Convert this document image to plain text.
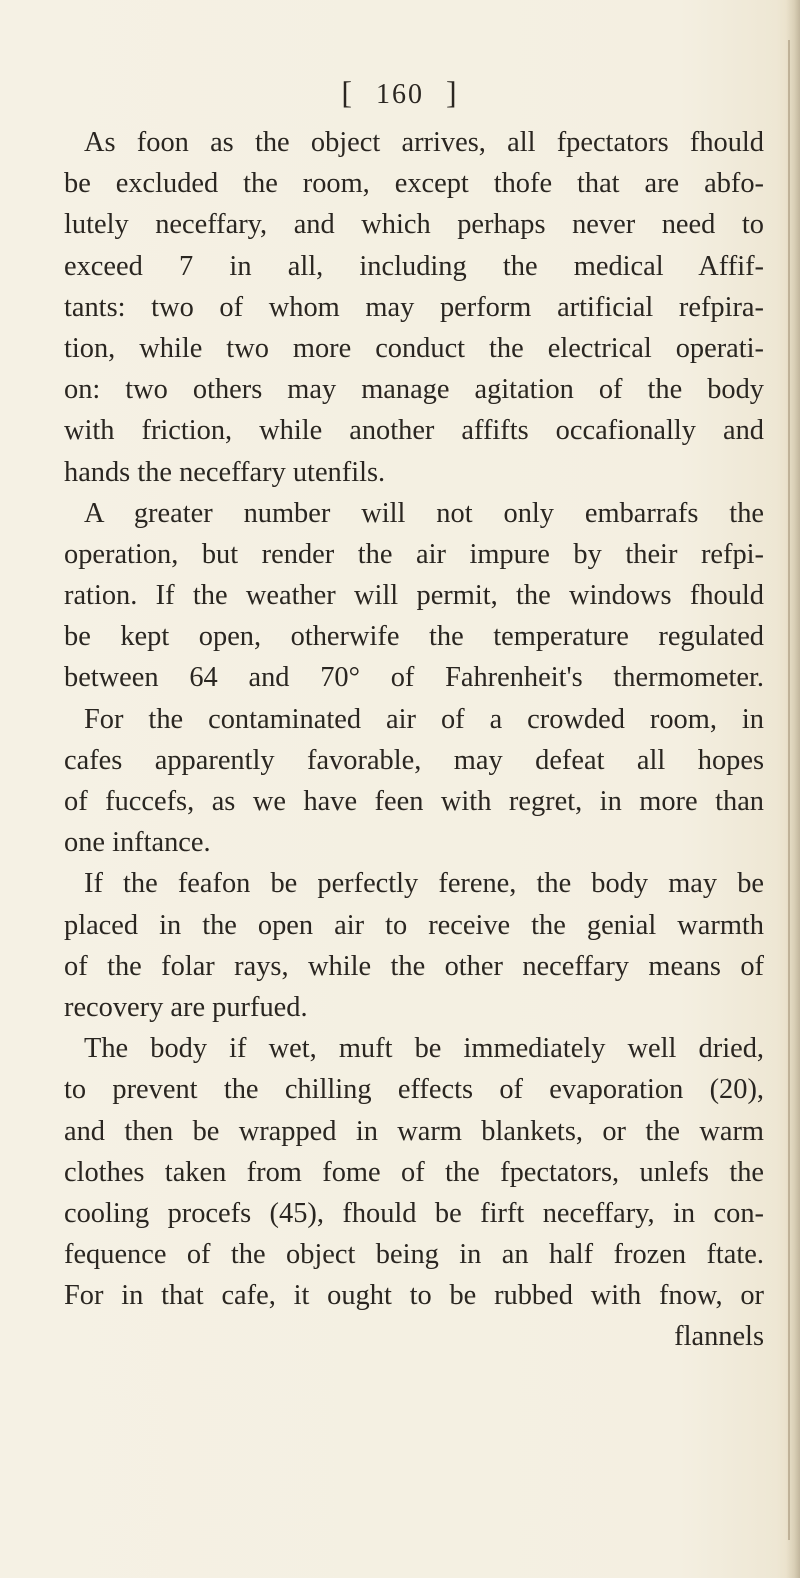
[ 160 ]
As foon as the object arrives, all fpectators fhould
be excluded the room, except thofe that are abfo-
lutely neceffary, and which perhaps never need to
exceed 7 in all, including the medical Affif-
tants: two of whom may perform artificial refpira-
tion, while two more conduct the electrical operati-
on: two others may manage agitation of the body
with friction, while another affifts occafionally and
hands the neceffary utenfils.
A greater number will not only embarrafs the
operation, but render the air impure by their refpi-
ration. If the weather will permit, the windows fhould
be kept open, otherwife the temperature regulated
between 64 and 70° of Fahrenheit's thermometer.
For the contaminated air of a crowded room, in
cafes apparently favorable, may defeat all hopes
of fuccefs, as we have feen with regret, in more than
one inftance.
If the feafon be perfectly ferene, the body may be
placed in the open air to receive the genial warmth
of the folar rays, while the other neceffary means of
recovery are purfued.
The body if wet, muft be immediately well dried,
to prevent the chilling effects of evaporation (20),
and then be wrapped in warm blankets, or the warm
clothes taken from fome of the fpectators, unlefs the
cooling procefs (45), fhould be firft neceffary, in con-
fequence of the object being in an half frozen ftate.
For in that cafe, it ought to be rubbed with fnow, or
flannels
